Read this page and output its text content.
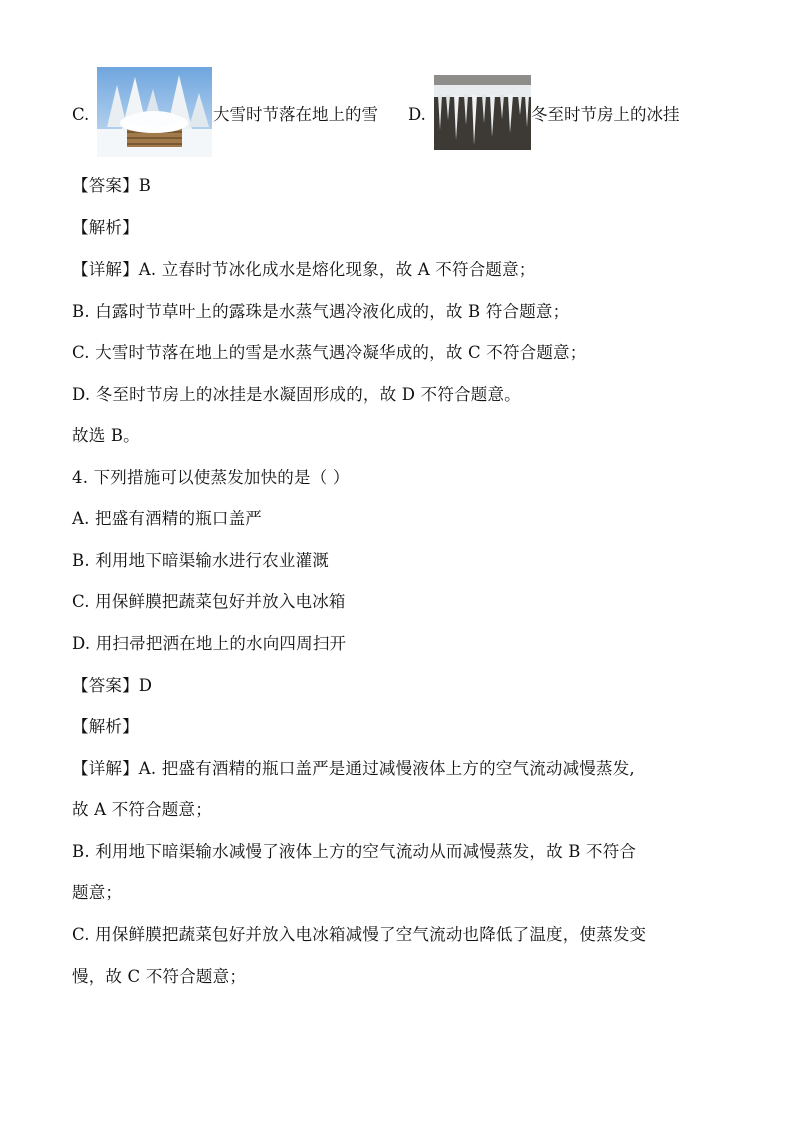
C.	大雪时节落在地上的雪 D.	冬至时节房上的冰挂
【答案】B
【解析】
【详解】A. 立春时节冰化成水是熔化现象，故 A 不符合题意；
B. 白露时节草叶上的露珠是水蒸气遇冷液化成的，故 B 符合题意；
C. 大雪时节落在地上的雪是水蒸气遇冷凝华成的，故 C 不符合题意；
D. 冬至时节房上的冰挂是水凝固形成的，故 D 不符合题意。
故选 B。
4. 下列措施可以使蒸发加快的是（ ）
A. 把盛有酒精的瓶口盖严
B. 利用地下暗渠输水进行农业灌溉
C. 用保鲜膜把蔬菜包好并放入电冰箱
D. 用扫帚把洒在地上的水向四周扫开
【答案】D
【解析】
【详解】A. 把盛有酒精的瓶口盖严是通过减慢液体上方的空气流动减慢蒸发,
故 A 不符合题意；
B. 利用地下暗渠输水减慢了液体上方的空气流动从而减慢蒸发，故 B 不符合
题意；
C. 用保鲜膜把蔬菜包好并放入电冰箱减慢了空气流动也降低了温度，使蒸发变
慢，故 C 不符合题意；
